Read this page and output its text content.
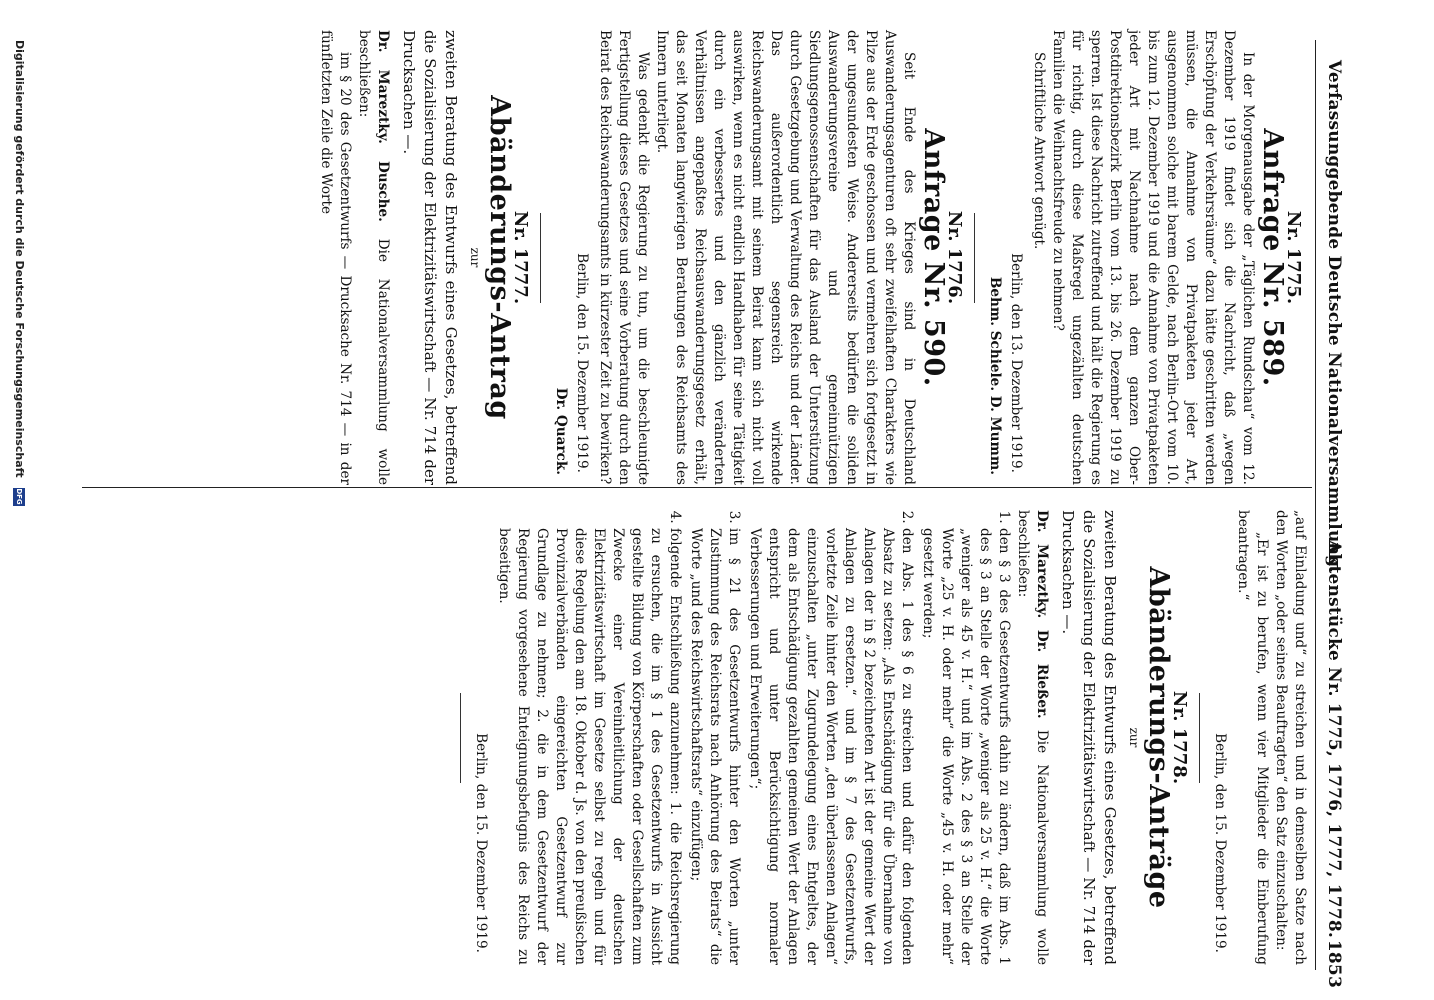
Verfassunggebende Deutsche Nationalversammlung.
Aktenstücke Nr. 1775, 1776, 1777, 1778.
1853
Nr. 1775.
Anfrage Nr. 589.

In der Morgenausgabe der „Täglichen Rundschau“ vom 12. Dezember 1919 findet sich die Nachricht, daß „wegen Erschöpfung der Verkehrsräume“ dazu hätte geschritten werden müssen, die Annahme von Privatpaketen jeder Art, ausgenommen solche mit barem Gelde, nach Berlin-Ort vom 10. bis zum 12. Dezember 1919 und die Annahme von Privatpaketen jeder Art mit Nachnahme nach dem ganzen Ober-Postdirektionsbezirk Berlin vom 13. bis 26. Dezember 1919 zu sperren. Ist diese Nachricht zutreffend und hält die Regierung es für richtig, durch diese Maßregel ungezählten deutschen Familien die Weihnachtsfreude zu nehmen?

Schriftliche Antwort genügt.

Berlin, den 13. Dezember 1919.
Behm. Schiele. D. Mumm.
Nr. 1776.
Anfrage Nr. 590.

Seit Ende des Krieges sind in Deutschland Auswanderungsagenturen oft sehr zweifelhaften Charakters wie Pilze aus der Erde geschossen und vermehren sich fortgesetzt in der ungesundesten Weise. Andererseits bedürfen die soliden Auswanderungsvereine und gemeinnützigen Siedlungsgenossenschaften für das Ausland der Unterstützung durch Gesetzgebung und Verwaltung des Reichs und der Länder. Das außerordentlich segensreich wirkende Reichswanderungsamt mit seinem Beirat kann sich nicht voll auswirken, wenn es nicht endlich Handhaben für seine Tätigkeit durch ein verbessertes und den gänzlich veränderten Verhältnissen angepaßtes Reichsauswanderungsgesetz erhält, das seit Monaten langwierigen Beratungen des Reichsamts des Innern unterliegt.

Was gedenkt die Regierung zu tun, um die beschleunigte Fertigstellung dieses Gesetzes und seine Vorberatung durch den Beirat des Reichswanderungsamts in kürzester Zeit zu bewirken?

Berlin, den 15. Dezember 1919.
Dr. Quarck.
Nr. 1777.
Abänderungs-Antrag
zur
zweiten Beratung des Entwurfs eines Gesetzes, betreffend die Sozialisierung der Elektrizitätswirtschaft — Nr. 714 der Drucksachen —.

Dr. Mareztky. Dusche. Die Nationalversammlung wolle beschließen:

im § 20 des Gesetzentwurfs — Drucksache Nr. 714 — in der fünfletzten Zeile die Worte

„auf Einladung und“ zu streichen und in demselben Satze nach den Worten „oder seines Beauftragten“ den Satz einzuschalten:

„Er ist zu berufen, wenn vier Mitglieder die Einberufung beantragen.“

Berlin, den 15. Dezember 1919.
Nr. 1778.
Abänderungs-Anträge
zur
zweiten Beratung des Entwurfs eines Gesetzes, betreffend die Sozialisierung der Elektrizitätswirtschaft — Nr. 714 der Drucksachen —.

Dr. Mareztky. Dr. Rießer. Die Nationalversammlung wolle beschließen:

1. den § 3 des Gesetzentwurfs dahin zu ändern, daß im Abs. 1 des § 3 an Stelle der Worte „weniger als 25 v. H.“ die Worte „weniger als 45 v. H.“ und im Abs. 2 des § 3 an Stelle der Worte „25 v. H. oder mehr“ die Worte „45 v. H. oder mehr“ gesetzt werden;
2. den Abs. 1 des § 6 zu streichen und dafür den folgenden Absatz zu setzen: „Als Entschädigung für die Übernahme von Anlagen der in § 2 bezeichneten Art ist der gemeine Wert der Anlagen zu ersetzen.“ und im § 7 des Gesetzentwurfs, vorletzte Zeile hinter den Worten „den überlassenen Anlagen“ einzuschalten „unter Zugrundelegung eines Entgeltes, der dem als Entschädigung gezahlten gemeinen Wert der Anlagen entspricht und unter Berücksichtigung normaler Verbesserungen und Erweiterungen“;
3. im § 21 des Gesetzentwurfs hinter den Worten „unter Zustimmung des Reichsrats nach Anhörung des Beirats“ die Worte „und des Reichswirtschaftsrats“ einzufügen;
4. folgende Entschließung anzunehmen: 1. die Reichsregierung zu ersuchen, die im § 1 des Gesetzentwurfs in Aussicht gestellte Bildung von Körperschaften oder Gesellschaften zum Zwecke einer Vereinheitlichung der deutschen Elektrizitätswirtschaft im Gesetze selbst zu regeln und für diese Regelung den am 18. Oktober d. Js. von den preußischen Provinzialverbänden eingereichten Gesetzentwurf zur Grundlage zu nehmen; 2. die in dem Gesetzentwurf der Regierung vorgesehene Enteignungsbefugnis des Reichs zu beseitigen.
Berlin, den 15. Dezember 1919.
Digitalisierung gefördert durch die Deutsche Forschungsgemeinschaft DFG
